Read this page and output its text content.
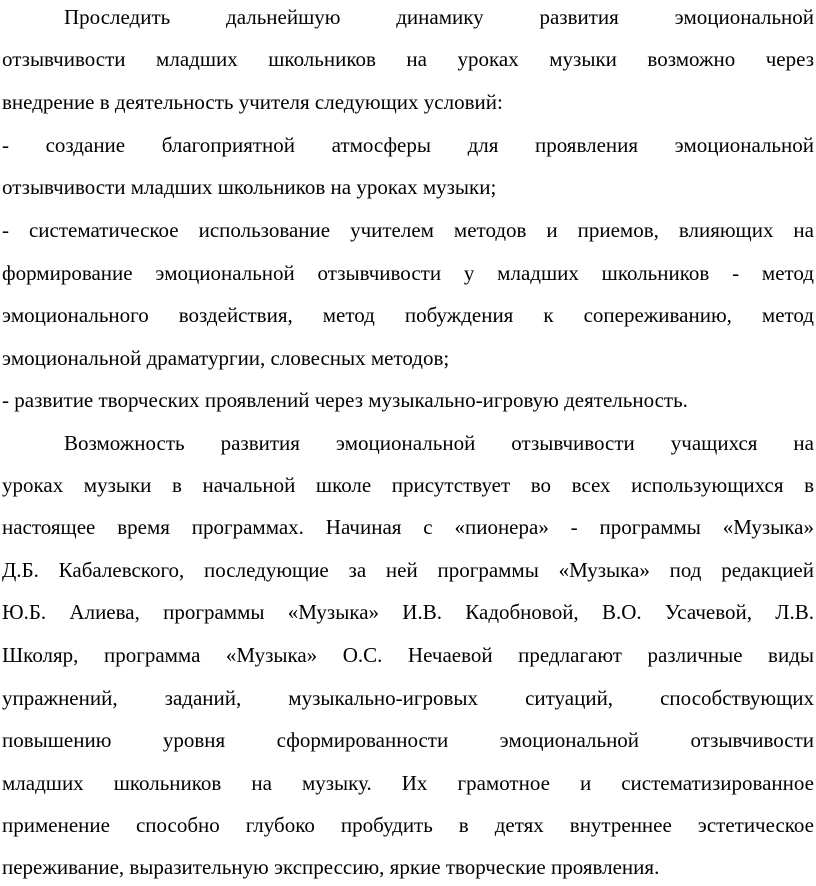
Проследить дальнейшую динамику развития эмоциональной
отзывчивости младших школьников на уроках музыки возможно через
внедрение в деятельность учителя следующих условий:
- создание благоприятной атмосферы для проявления эмоциональной
отзывчивости младших школьников на уроках музыки;
- систематическое использование учителем методов и приемов, влияющих на
формирование эмоциональной отзывчивости у младших школьников - метод
эмоционального воздействия, метод побуждения к сопереживанию, метод
эмоциональной драматургии, словесных методов;
- развитие творческих проявлений через музыкально-игровую деятельность.
Возможность развития эмоциональной отзывчивости учащихся на
уроках музыки в начальной школе присутствует во всех использующихся в
настоящее время программах. Начиная с «пионера» - программы «Музыка»
Д.Б. Кабалевского, последующие за ней программы «Музыка» под редакцией
Ю.Б. Алиева, программы «Музыка» И.В. Кадобновой, В.О. Усачевой, Л.В.
Школяр, программа «Музыка» О.С. Нечаевой предлагают различные виды
упражнений, заданий, музыкально-игровых ситуаций, способствующих
повышению уровня сформированности эмоциональной отзывчивости
младших школьников на музыку. Их грамотное и систематизированное
применение способно глубоко пробудить в детях внутреннее эстетическое
переживание, выразительную экспрессию, яркие творческие проявления.
